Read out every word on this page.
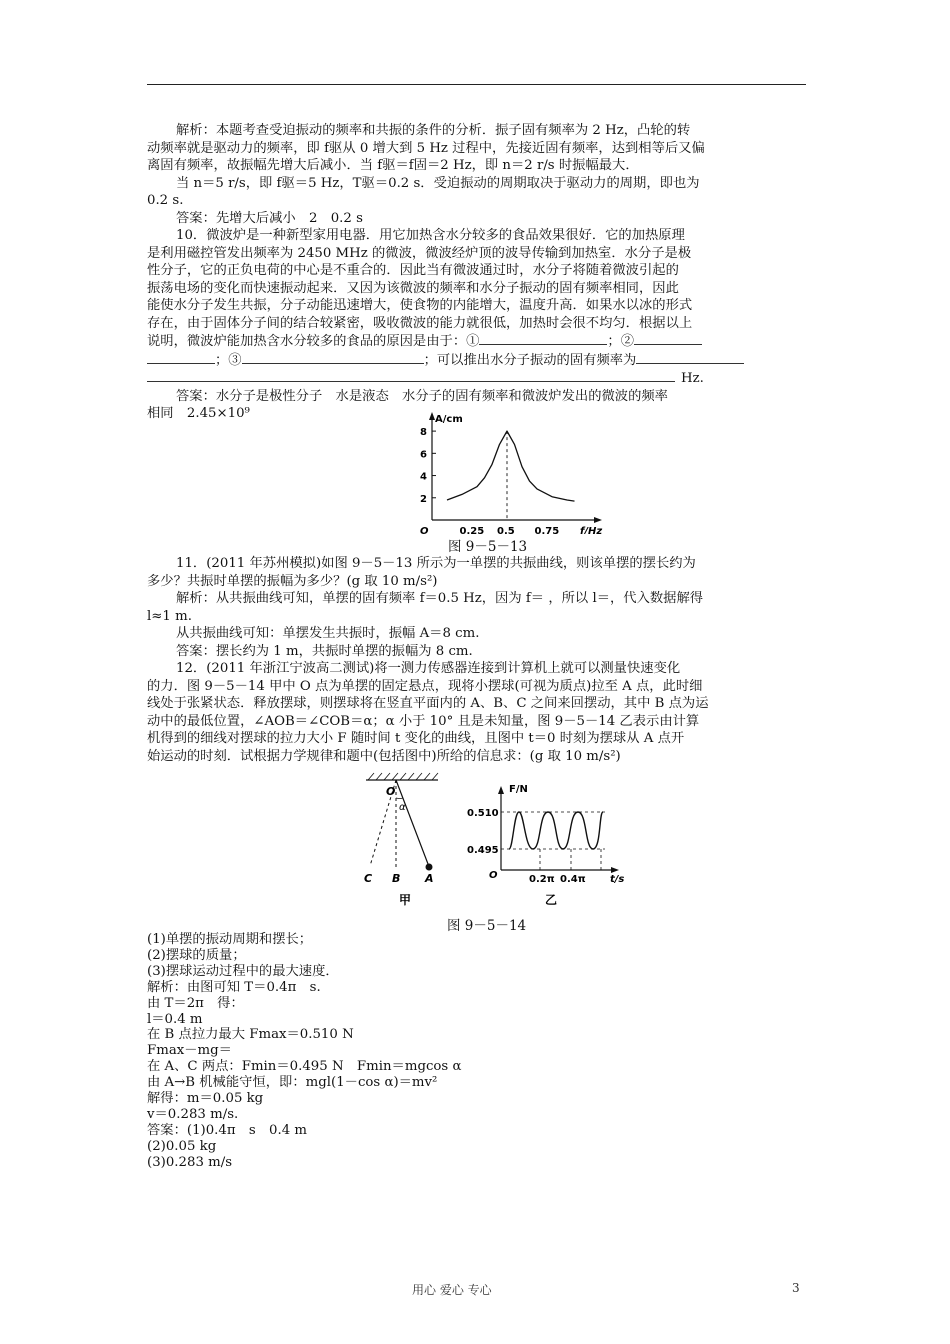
解析：本题考查受迫振动的频率和共振的条件的分析．振子固有频率为 2 Hz，凸轮的转

动频率就是驱动力的频率，即 f驱从 0 增大到 5 Hz 过程中，先接近固有频率，达到相等后又偏

离固有频率，故振幅先增大后减小．当 f驱＝f固＝2 Hz，即 n＝2 r/s 时振幅最大．

当 n＝5 r/s，即 f驱＝5 Hz，T驱＝0.2 s．受迫振动的周期取决于驱动力的周期，即也为

0.2 s.

答案：先增大后减小　2　0.2 s

10．微波炉是一种新型家用电器．用它加热含水分较多的食品效果很好．它的加热原理

是利用磁控管发出频率为 2450 MHz 的微波，微波经炉顶的波导传输到加热室．水分子是极

性分子，它的正负电荷的中心是不重合的．因此当有微波通过时，水分子将随着微波引起的

振荡电场的变化而快速振动起来．又因为该微波的频率和水分子振动的固有频率相同，因此

能使水分子发生共振，分子动能迅速增大，使食物的内能增大，温度升高．如果水以冰的形式

存在，由于固体分子间的结合较紧密，吸收微波的能力就很低，加热时会很不均匀．根据以上

说明，微波炉能加热含水分较多的食品的原因是由于：①	；②

；③	；可以推出水分子振动的固有频率为

Hz.

答案：水分子是极性分子　水是液态　水分子的固有频率和微波炉发出的微波的频率

相同　2.45×10⁹	A/cm
f/Hz
O
2
4
6
8
0.25 0.5 0.75
图 9－5－13

11．(2011 年苏州模拟)如图 9－5－13 所示为一单摆的共振曲线，则该单摆的摆长约为

多少？共振时单摆的振幅为多少？(g 取 10 m/s²)

解析：从共振曲线可知，单摆的固有频率 f＝0.5 Hz，因为 f＝ ，所以 l＝，代入数据解得

l≈1 m.

从共振曲线可知：单摆发生共振时，振幅 A＝8 cm.

答案：摆长约为 1 m，共振时单摆的振幅为 8 cm.

12．(2011 年浙江宁波高二测试)将一测力传感器连接到计算机上就可以测量快速变化

的力．图 9－5－14 甲中 O 点为单摆的固定悬点，现将小摆球(可视为质点)拉至 A 点，此时细

线处于张紧状态．释放摆球，则摆球将在竖直平面内的 A、B、C 之间来回摆动，其中 B 点为运

动中的最低位置，∠AOB＝∠COB＝α；α 小于 10° 且是未知量，图 9－5－14 乙表示由计算

机得到的细线对摆球的拉力大小 F 随时间 t 变化的曲线，且图中 t＝0 时刻为摆球从 A 点开

始运动的时刻．试根据力学规律和题中(包括图中)所给的信息求：(g 取 10 m/s²)

O
α
C B A
甲
F/N
0.510
0.495
O	0.2π 0.4π t/s
乙
图 9－5－14

(1)单摆的振动周期和摆长；

(2)摆球的质量；

(3)摆球运动过程中的最大速度．

解析：由图可知 T＝0.4π　s.

由 T＝2π　得：

l＝0.4 m

在 B 点拉力最大 Fmax＝0.510 N

Fmax－mg＝

在 A、C 两点：Fmin＝0.495 N　Fmin＝mgcos α

由 A→B 机械能守恒，即：mgl(1－cos α)＝mv²

解得：m＝0.05 kg

v＝0.283 m/s.

答案：(1)0.4π　s　0.4 m

(2)0.05 kg

(3)0.283 m/s

用心 爱心 专心	3
